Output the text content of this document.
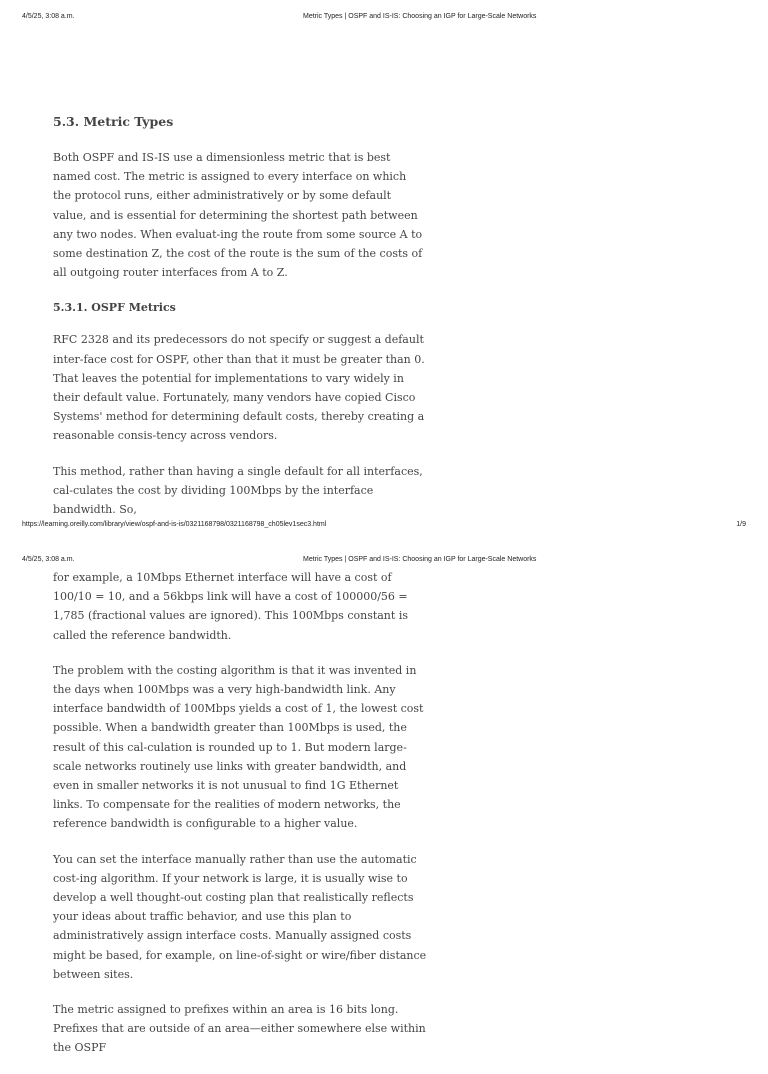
4/5/25, 3:08 a.m.	Metric Types | OSPF and IS-IS: Choosing an IGP for Large-Scale Networks
5.3. Metric Types

Both OSPF and IS-IS use a dimensionless metric that is best named cost. The metric is assigned to every interface on which the protocol runs, either administratively or by some default value, and is essential for determining the shortest path between any two nodes. When evaluat-ing the route from some source A to some destination Z, the cost of the route is the sum of the costs of all outgoing router interfaces from A to Z.

5.3.1. OSPF Metrics

RFC 2328 and its predecessors do not specify or suggest a default inter-face cost for OSPF, other than that it must be greater than 0. That leaves the potential for implementations to vary widely in their default value. Fortunately, many vendors have copied Cisco Systems' method for determining default costs, thereby creating a reasonable consis-tency across vendors.

This method, rather than having a single default for all interfaces, cal-culates the cost by dividing 100Mbps by the interface bandwidth. So,

https://learning.oreilly.com/library/view/ospf-and-is-is/0321168798/0321168798_ch05lev1sec3.html	1/9
4/5/25, 3:08 a.m.	Metric Types | OSPF and IS-IS: Choosing an IGP for Large-Scale Networks

for example, a 10Mbps Ethernet interface will have a cost of 100/10 = 10, and a 56kbps link will have a cost of 100000/56 = 1,785 (fractional values are ignored). This 100Mbps constant is called the reference bandwidth.

The problem with the costing algorithm is that it was invented in the days when 100Mbps was a very high-bandwidth link. Any interface bandwidth of 100Mbps yields a cost of 1, the lowest cost possible. When a bandwidth greater than 100Mbps is used, the result of this cal-culation is rounded up to 1. But modern large-scale networks routinely use links with greater bandwidth, and even in smaller networks it is not unusual to find 1G Ethernet links. To compensate for the realities of modern networks, the reference bandwidth is configurable to a higher value.

You can set the interface manually rather than use the automatic cost-ing algorithm. If your network is large, it is usually wise to develop a well thought-out costing plan that realistically reflects your ideas about traffic behavior, and use this plan to administratively assign interface costs. Manually assigned costs might be based, for example, on line-of-sight or wire/fiber distance between sites.

The metric assigned to prefixes within an area is 16 bits long. Prefixes that are outside of an area—either somewhere else within the OSPF
